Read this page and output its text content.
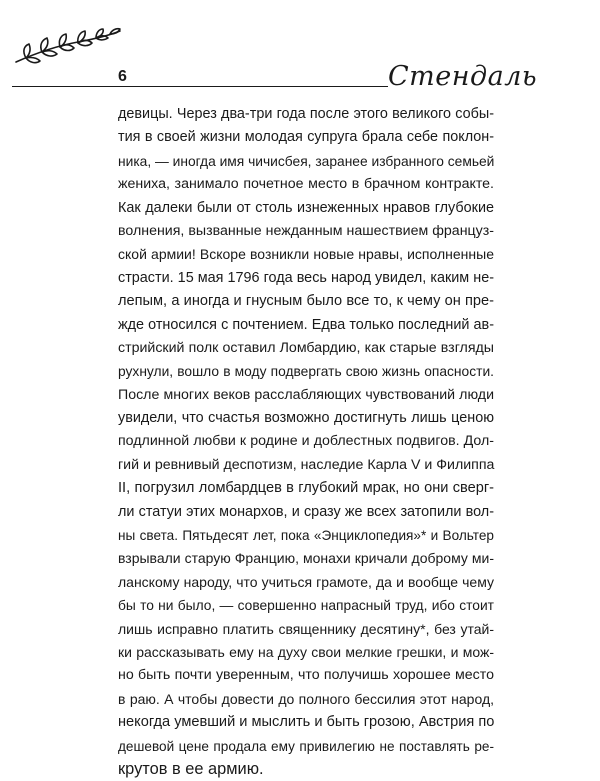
6	Стендаль
девицы. Через два-три года после этого великого собы-
тия в своей жизни молодая супруга брала себе поклон-
ника, — иногда имя чичисбея, заранее избранного семьей
жениха, занимало почетное место в брачном контракте.
Как далеки были от столь изнеженных нравов глубокие
волнения, вызванные нежданным нашествием француз-
ской армии! Вскоре возникли новые нравы, исполненные
страсти. 15 мая 1796 года весь народ увидел, каким не-
лепым, а иногда и гнусным было все то, к чему он пре-
жде относился с почтением. Едва только последний ав-
стрийский полк оставил Ломбардию, как старые взгляды
рухнули, вошло в моду подвергать свою жизнь опасности.
После многих веков расслабляющих чувствований люди
увидели, что счастья возможно достигнуть лишь ценою
подлинной любви к родине и доблестных подвигов. Дол-
гий и ревнивый деспотизм, наследие Карла V и Филиппа
II, погрузил ломбардцев в глубокий мрак, но они сверг-
ли статуи этих монархов, и сразу же всех затопили вол-
ны света. Пятьдесят лет, пока «Энциклопедия»* и Вольтер
взрывали старую Францию, монахи кричали доброму ми-
ланскому народу, что учиться грамоте, да и вообще чему
бы то ни было, — совершенно напрасный труд, ибо стоит
лишь исправно платить священнику десятину*, без утай-
ки рассказывать ему на духу свои мелкие грешки, и мож-
но быть почти уверенным, что получишь хорошее место
в раю. А чтобы довести до полного бессилия этот народ,
некогда умевший и мыслить и быть грозою, Австрия по
дешевой цене продала ему привилегию не поставлять ре-
крутов в ее армию.
